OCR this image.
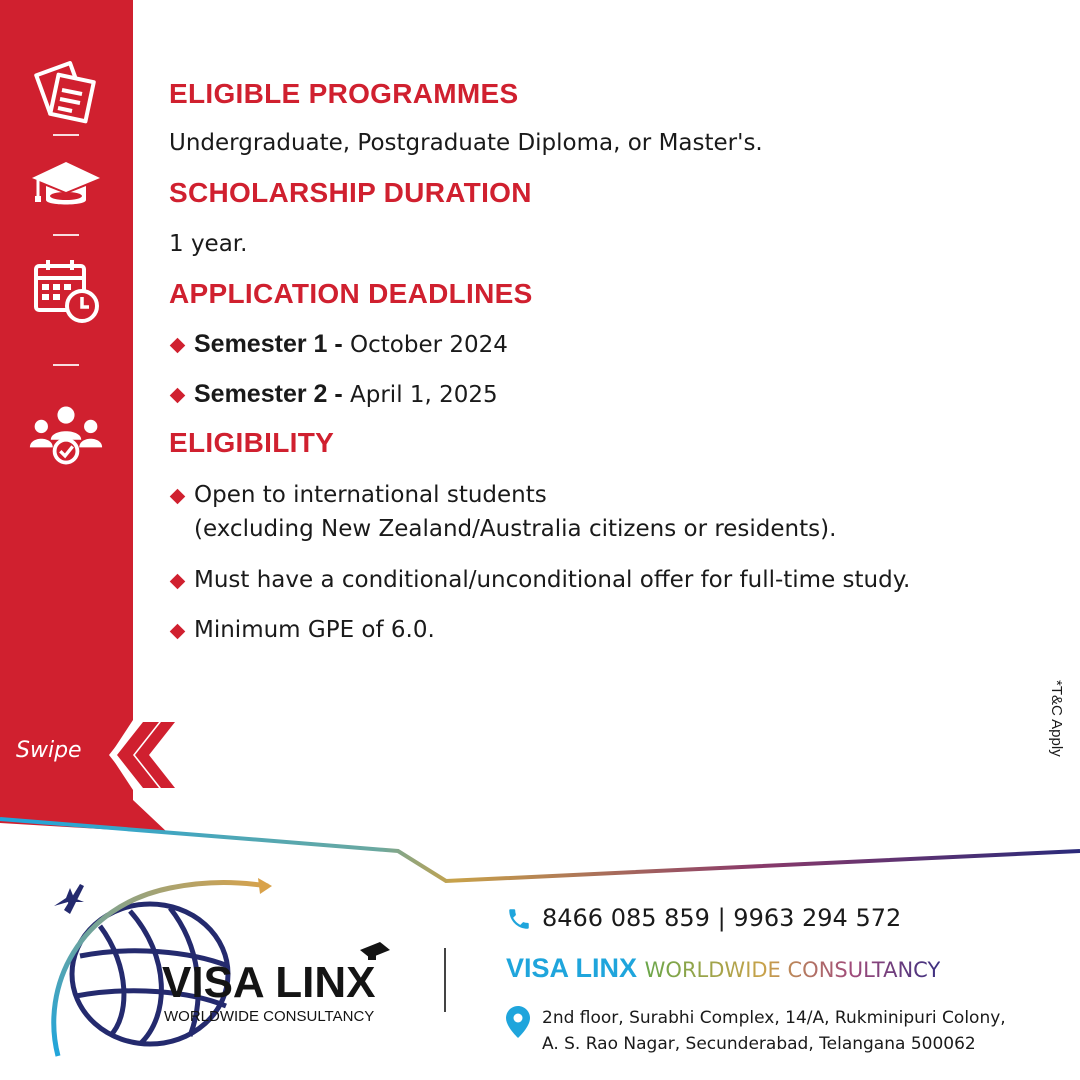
Swipe
ELIGIBLE PROGRAMMES
Undergraduate, Postgraduate Diploma, or Master's.
SCHOLARSHIP DURATION
1 year.
APPLICATION DEADLINES
Semester 1 - October 2024
Semester 2 - April 1, 2025
ELIGIBILITY
Open to international students
(excluding New Zealand/Australia citizens or residents).
Must have a conditional/unconditional offer for full-time study.
Minimum GPE of 6.0.
*T&C Apply
VISA LINX
WORLDWIDE CONSULTANCY
8466 085 859 | 9963 294 572
VISA LINX WORLDWIDE CONSULTANCY
2nd floor, Surabhi Complex, 14/A, Rukminipuri Colony,
A. S. Rao Nagar, Secunderabad, Telangana 500062
